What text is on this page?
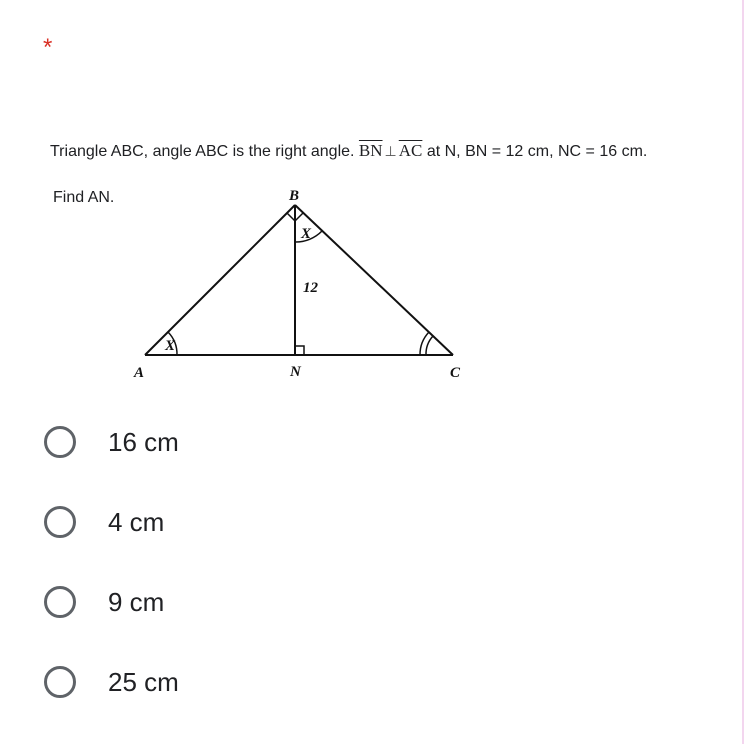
*
Triangle ABC, angle ABC is the right angle. $\overline{BN}$ ⊥ $\overline{AC}$ at N, BN = 12 cm, NC = 16 cm.
Find AN.	B
A	N	C
X
X
12
16 cm
4 cm
9 cm
25 cm
